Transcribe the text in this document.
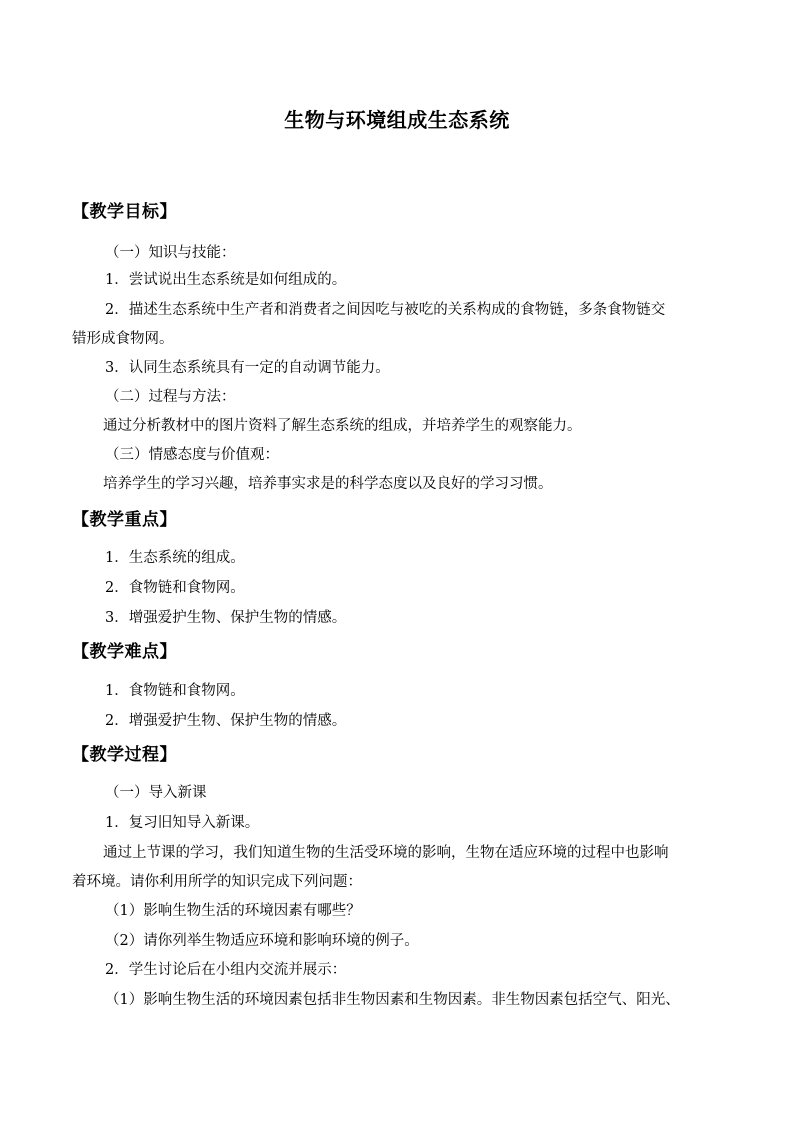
生物与环境组成生态系统
【教学目标】
（一）知识与技能：
1．尝试说出生态系统是如何组成的。
2．描述生态系统中生产者和消费者之间因吃与被吃的关系构成的食物链，多条食物链交
错形成食物网。
3．认同生态系统具有一定的自动调节能力。
（二）过程与方法：
通过分析教材中的图片资料了解生态系统的组成，并培养学生的观察能力。
（三）情感态度与价值观：
培养学生的学习兴趣，培养事实求是的科学态度以及良好的学习习惯。
【教学重点】
1．生态系统的组成。
2．食物链和食物网。
3．增强爱护生物、保护生物的情感。
【教学难点】
1．食物链和食物网。
2．增强爱护生物、保护生物的情感。
【教学过程】
（一）导入新课
1．复习旧知导入新课。
通过上节课的学习，我们知道生物的生活受环境的影响，生物在适应环境的过程中也影响
着环境。请你利用所学的知识完成下列问题：
（1）影响生物生活的环境因素有哪些？
（2）请你列举生物适应环境和影响环境的例子。
2．学生讨论后在小组内交流并展示：
（1）影响生物生活的环境因素包括非生物因素和生物因素。非生物因素包括空气、阳光、
